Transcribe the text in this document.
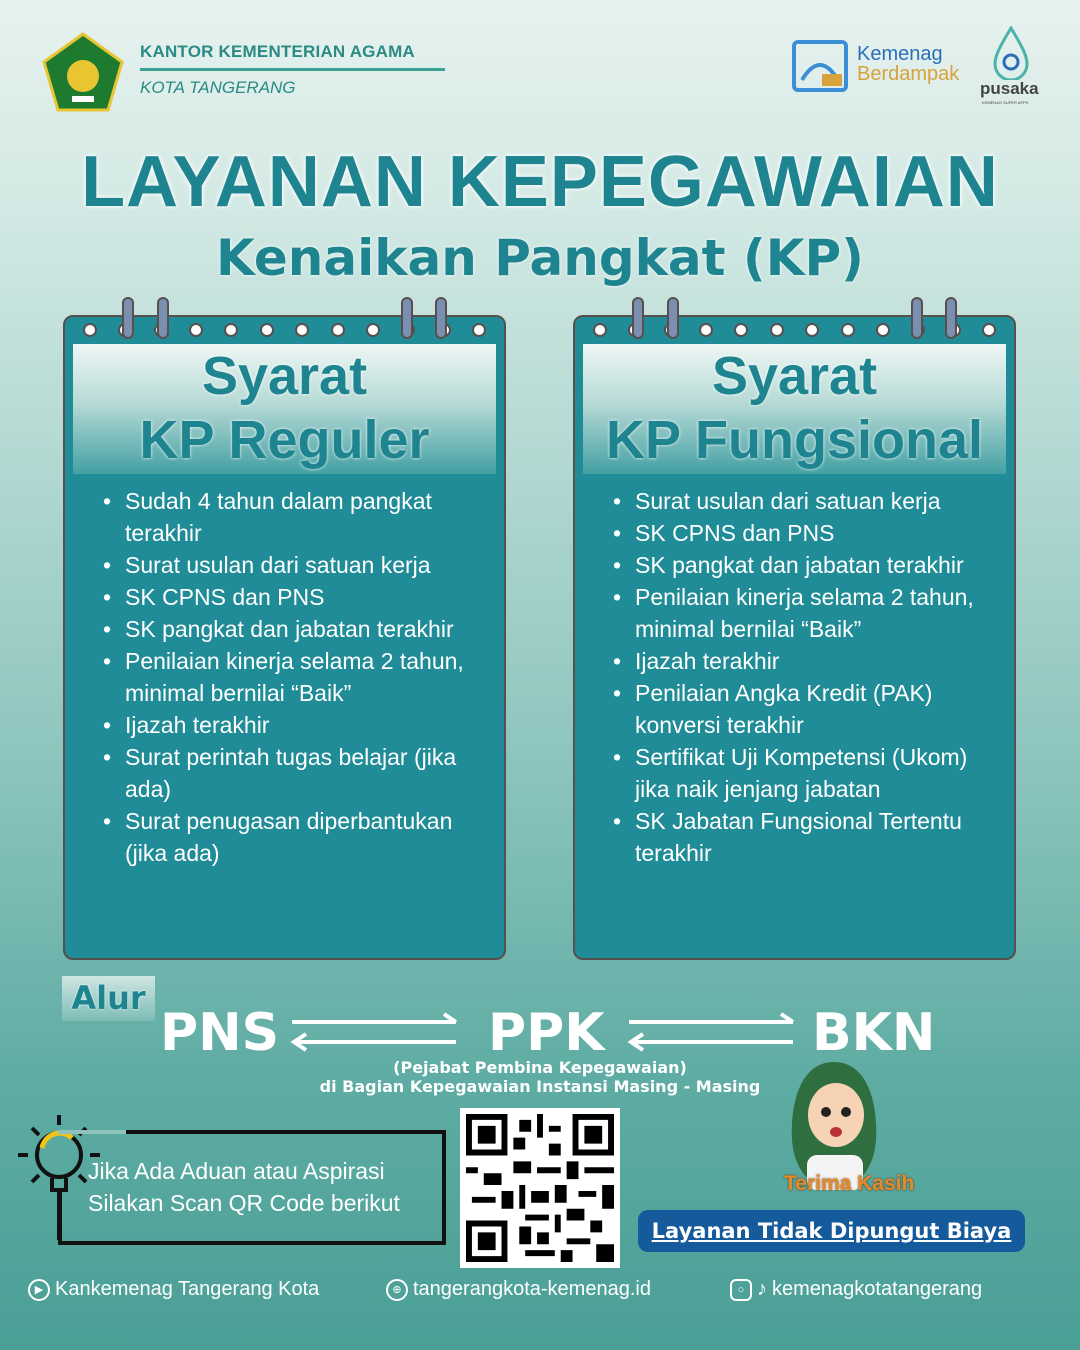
KANTOR KEMENTERIAN AGAMA
KOTA TANGERANG
Kemenag
Berdampak
pusaka
KEMENAG SUPER APPS
LAYANAN KEPEGAWAIAN
Kenaikan Pangkat (KP)
Syarat
KP Reguler
• Sudah 4 tahun dalam pangkat terakhir
• Surat usulan dari satuan kerja
• SK CPNS dan PNS
• SK pangkat dan jabatan terakhir
• Penilaian kinerja selama 2 tahun, minimal bernilai “Baik”
• Ijazah terakhir
• Surat perintah tugas belajar (jika ada)
• Surat penugasan diperbantukan (jika ada)
Syarat
KP Fungsional
• Surat usulan dari satuan kerja
• SK CPNS dan PNS
• SK pangkat dan jabatan terakhir
• Penilaian kinerja selama 2 tahun, minimal bernilai “Baik”
• Ijazah terakhir
• Penilaian Angka Kredit (PAK) konversi terakhir
• Sertifikat Uji Kompetensi (Ukom) jika naik jenjang jabatan
• SK Jabatan Fungsional Tertentu terakhir
Alur
PNS	PPK	BKN
(Pejabat Pembina Kepegawaian)
di Bagian Kepegawaian Instansi Masing - Masing
Jika Ada Aduan atau Aspirasi
Silakan Scan QR Code berikut
Terima Kasih
Layanan Tidak Dipungut Biaya
▶ Kankemenag Tangerang Kota	⊕ tangerangkota-kemenag.id	○ ♪ kemenagkotatangerang
